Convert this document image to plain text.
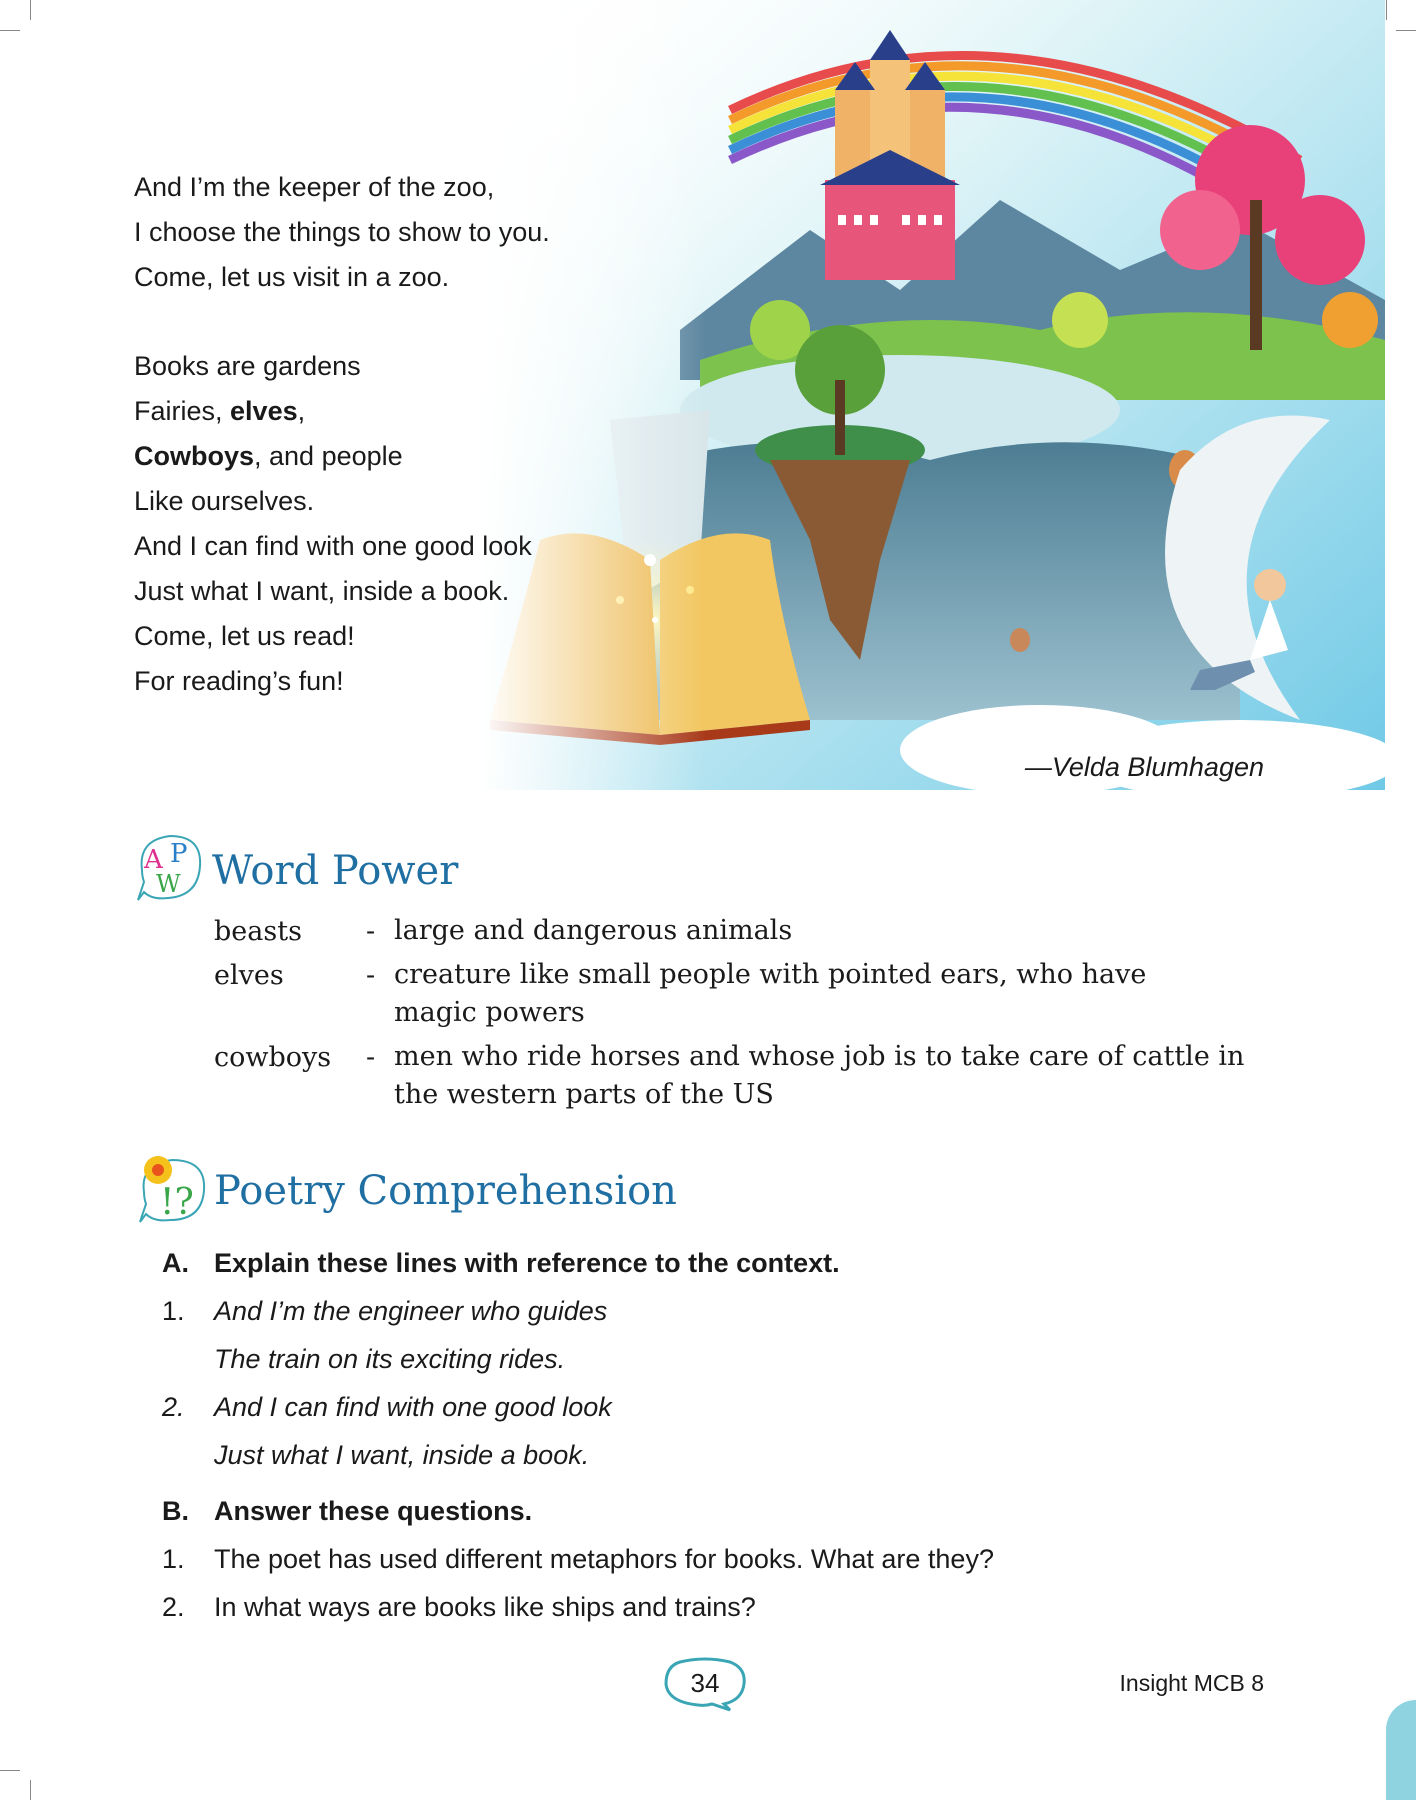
And I’m the keeper of the zoo,
I choose the things to show to you.
Come, let us visit in a zoo.
Books are gardens
Fairies, elves,
Cowboys, and people
Like ourselves.
And I can find with one good look
Just what I want, inside a book.
Come, let us read!
For reading’s fun!
—Velda Blumhagen
A P
W Word Power
beasts - large and dangerous animals
elves	- creature like small people with pointed ears, who have magic powers
cowboys - men who ride horses and whose job is to take care of cattle in the western parts of the US
!? Poetry Comprehension
A. Explain these lines with reference to the context.
1. And I’m the engineer who guides
The train on its exciting rides.
2. And I can find with one good look
Just what I want, inside a book.
B. Answer these questions.
1. The poet has used different metaphors for books. What are they?
2. In what ways are books like ships and trains?
34	Insight MCB 8
